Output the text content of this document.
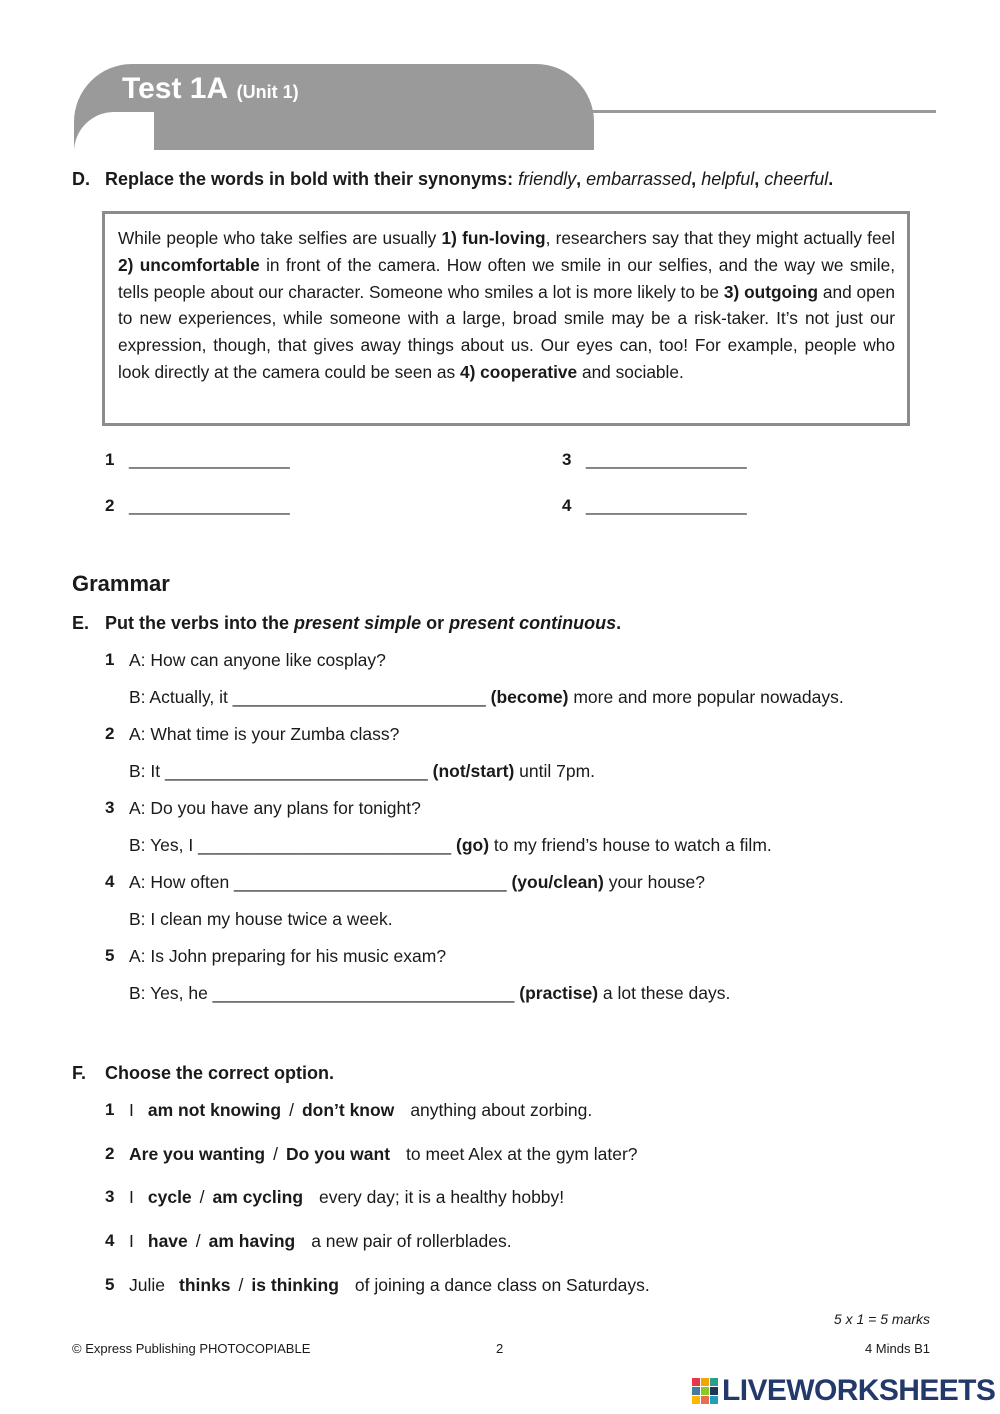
Test 1A (Unit 1)
D. Replace the words in bold with their synonyms: friendly, embarrassed, helpful, cheerful.

While people who take selfies are usually 1) fun-loving, researchers say that they might actually feel 2) uncomfortable in front of the camera. How often we smile in our selfies, and the way we smile, tells people about our character. Someone who smiles a lot is more likely to be 3) outgoing and open to new experiences, while someone with a large, broad smile may be a risk-taker. It’s not just our expression, though, that gives away things about us. Our eyes can, too! For example, people who look directly at the camera could be seen as 4) cooperative and sociable.

1 _________________
2 _________________
3 _________________
4 _________________
Grammar
E. Put the verbs into the present simple or present continuous.
1 A: How can anyone like cosplay?
B: Actually, it __________________________ (become) more and more popular nowadays.
2 A: What time is your Zumba class?
B: It ___________________________ (not/start) until 7pm.
3 A: Do you have any plans for tonight?
B: Yes, I __________________________ (go) to my friend’s house to watch a film.
4 A: How often ____________________________ (you/clean) your house?
B: I clean my house twice a week.
5 A: Is John preparing for his music exam?
B: Yes, he _______________________________ (practise) a lot these days.
F. Choose the correct option.
1 I am not knowing / don’t know anything about zorbing.
2 Are you wanting / Do you want to meet Alex at the gym later?
3 I cycle / am cycling every day; it is a healthy hobby!
4 I have / am having a new pair of rollerblades.
5 Julie thinks / is thinking of joining a dance class on Saturdays.
5 x 1 = 5 marks
© Express Publishing PHOTOCOPIABLE	2	4 Minds B1
LIVEWORKSHEETS
